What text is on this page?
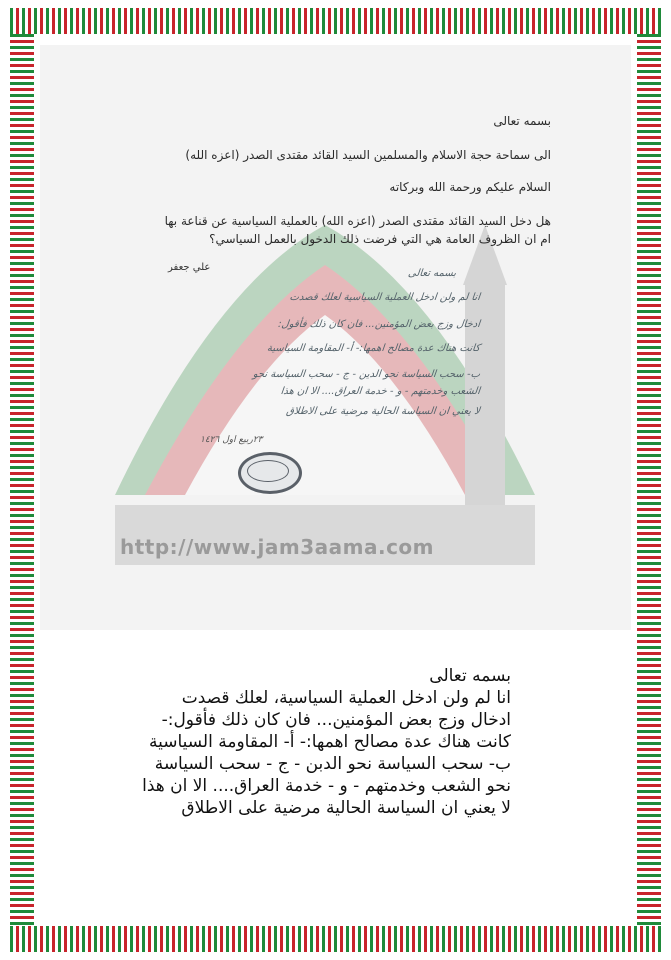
http://www.jam3aama.com
بسمه تعالى
الى سماحة حجة الاسلام والمسلمين السيد القائد مقتدى الصدر (اعزه الله)
السلام عليكم ورحمة الله وبركاته
هل دخل السيد القائد مقتدى الصدر (اعزه الله) بالعملية السياسية عن قناعة بها ام ان الظروف العامة هي التي فرضت ذلك الدخول بالعمل السياسي؟
علي جعفر
بسمه تعالى
انا لم ولن ادخل العملية السياسية لعلك قصدت
ادخال وزج بعض المؤمنين... فان كان ذلك فأقول:
كانت هناك عدة مصالح اهمها:- أ- المقاومة السياسية
ب- سحب السياسة نحو الدين - ج - سحب السياسة نحو
الشعب وخدمتهم - و - خدمة العراق.... الا ان هذا
لا يعني ان السياسة الحالية مرضية على الاطلاق
٢٣ربيع اول ١٤٢٦
بسمه تعالى
انا لم ولن ادخل العملية السياسية، لعلك قصدت
ادخال وزج بعض المؤمنين... فان كان ذلك فأقول:-
كانت هناك عدة مصالح اهمها:- أ- المقاومة السياسية
ب- سحب السياسة نحو الدبن - ج - سحب السياسة
نحو الشعب وخدمتهم - و - خدمة العراق.... الا ان هذا
لا يعني ان السياسة الحالية مرضية على الاطلاق
